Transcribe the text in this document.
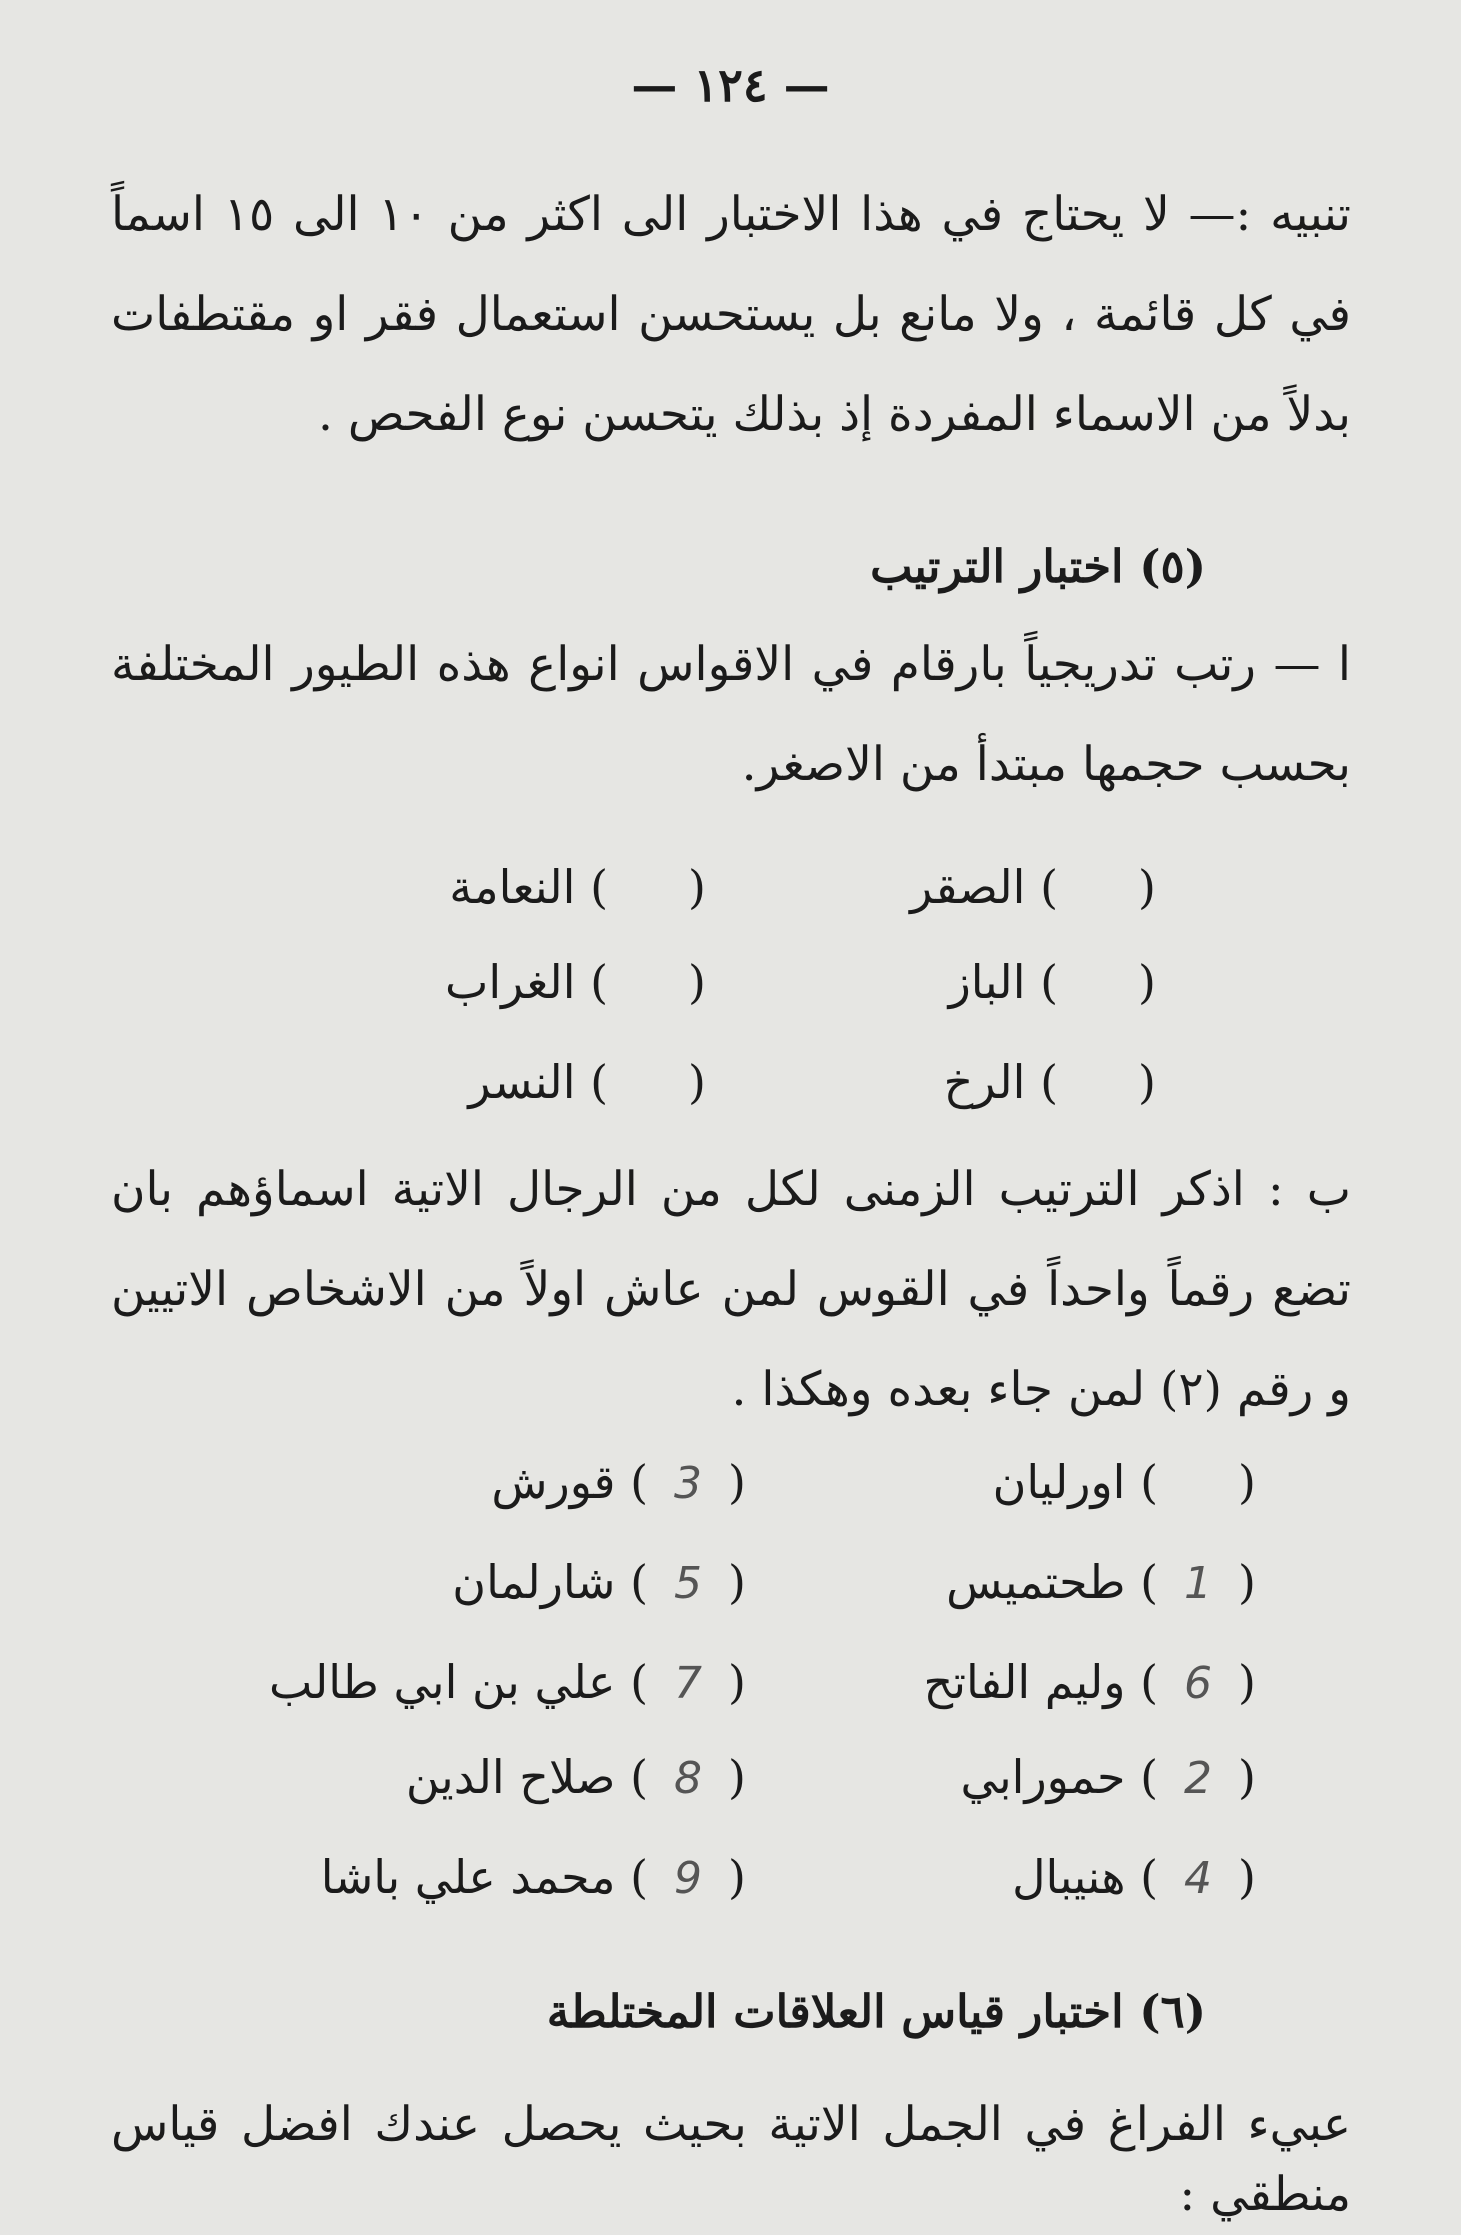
— ١٢٤ —
تنبيه :— لا يحتاج في هذا الاختبار الى اكثر من ١٠ الى ١٥ اسماً في كل قائمة ، ولا مانع بل يستحسن استعمال فقر او مقتطفات بدلاً من الاسماء المفردة إذ بذلك يتحسن نوع الفحص .
(٥) اختبار الترتيب
ا — رتب تدريجياً بارقام في الاقواس انواع هذه الطيور المختلفة بحسب حجمها مبتدأ من الاصغر.
() الصقر
() النعامة
() الباز
() الغراب
() الرخ
() النسر
ب : اذكر الترتيب الزمنى لكل من الرجال الاتية اسماؤهم بان تضع رقماً واحداً في القوس لمن عاش اولاً من الاشخاص الاتيين و رقم (٢) لمن جاء بعده وهكذا .
() اورليان
(3) قورش
(1) طحتميس
(5) شارلمان
(6) وليم الفاتح
(7) علي بن ابي طالب
(2) حمورابي
(8) صلاح الدين
(4) هنيبال
(9) محمد علي باشا
(٦) اختبار قياس العلاقات المختلطة
عبيء الفراغ في الجمل الاتية بحيث يحصل عندك افضل قياس منطقي :
